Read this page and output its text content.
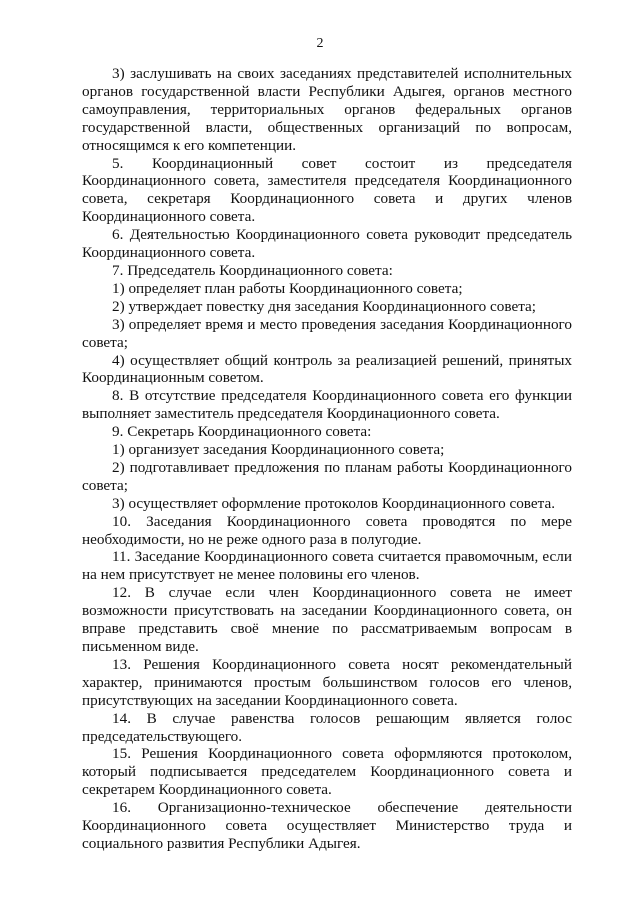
2

3) заслушивать на своих заседаниях представителей исполнительных органов государственной власти Республики Адыгея, органов местного самоуправления, территориальных органов федеральных органов государственной власти, общественных организаций по вопросам, относящимся к его компетенции.

5. Координационный совет состоит из председателя Координационного совета, заместителя председателя Координационного совета, секретаря Координационного совета и других членов Координационного совета.

6. Деятельностью Координационного совета руководит председатель Координационного совета.

7. Председатель Координационного совета:

1) определяет план работы Координационного совета;

2) утверждает повестку дня заседания Координационного совета;

3) определяет время и место проведения заседания Координационного совета;

4) осуществляет общий контроль за реализацией решений, принятых Координационным советом.

8. В отсутствие председателя Координационного совета его функции выполняет заместитель председателя Координационного совета.

9. Секретарь Координационного совета:

1) организует заседания Координационного совета;

2) подготавливает предложения по планам работы Координационного совета;

3) осуществляет оформление протоколов Координационного совета.

10. Заседания Координационного совета проводятся по мере необходимости, но не реже одного раза в полугодие.

11. Заседание Координационного совета считается правомочным, если на нем присутствует не менее половины его членов.

12. В случае если член Координационного совета не имеет возможности присутствовать на заседании Координационного совета, он вправе представить своё мнение по рассматриваемым вопросам в письменном виде.

13. Решения Координационного совета носят рекомендательный характер, принимаются простым большинством голосов его членов, присутствующих на заседании Координационного совета.

14. В случае равенства голосов решающим является голос председательствующего.

15. Решения Координационного совета оформляются протоколом, который подписывается председателем Координационного совета и секретарем Координационного совета.

16. Организационно-техническое обеспечение деятельности Координационного совета осуществляет Министерство труда и социального развития Республики Адыгея.
